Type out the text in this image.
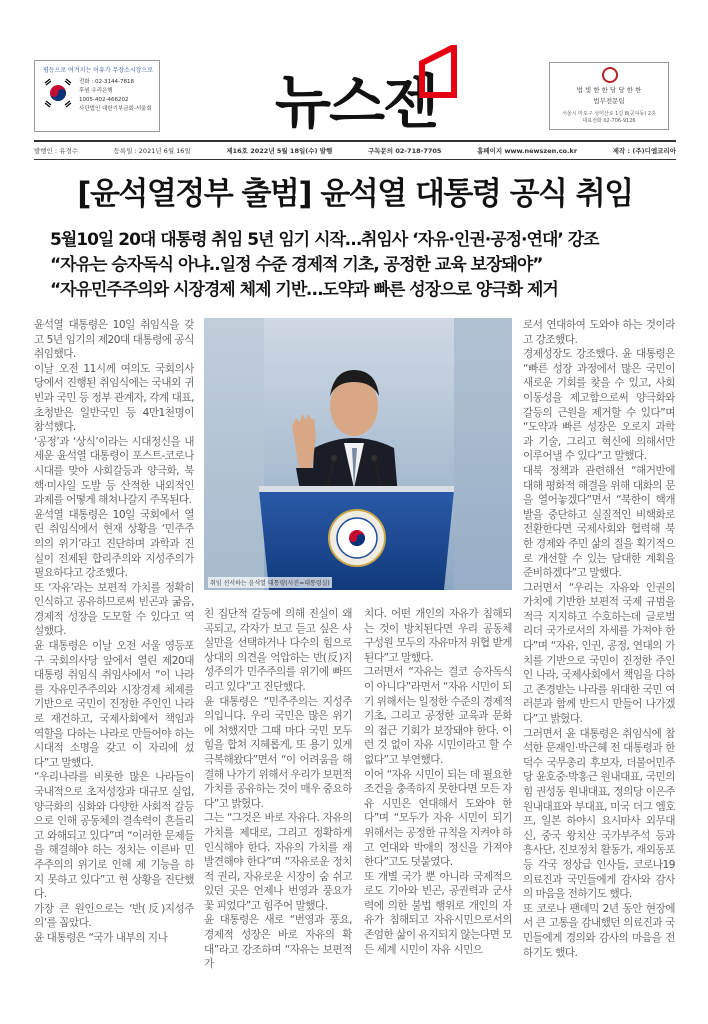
평등으로 여겨지는 이유가 무장소시장으로
전화 : 02-3144-7818
후원 우리은행
1005-402-466202
사단법인 대한기부금회-서울회 뉴스젠	법 빛 한 한 당 당 한 한
법무전문팀
서울시 마포구 성미산로 1길 8(공덕동) 2층
대표전화 02-706-9126
발행인 : 유경수	등록일 : 2021년 6월 16일	제16호 2022년 5월 18일(수) 발행	구독문의 02-718-7705	홈페이지 www.newszen.co.kr	제작 : (주)디엠코리아
[윤석열정부 출범] 윤석열 대통령 공식 취임
5월10일 20대 대통령 취임 5년 임기 시작…취임사 ‘자유·인권·공정·연대’ 강조
“자유는 승자독식 아냐..일정 수준 경제적 기초, 공정한 교육 보장돼야”
“자유민주주의와 시장경제 체제 기반…도약과 빠른 성장으로 양극화 제거

윤석열 대통령은 10일 취임식을 갖고 5년 임기의 제20대 대통령에 공식 취임했다.

이날 오전 11시께 여의도 국회의사당에서 진행된 취임식에는 국내외 귀빈과 국민 등 정부 관계자, 각계 대표, 초청받은 일반국민 등 4만1천명이 참석했다.

‘공정’과 ‘상식’이라는 시대정신을 내세운 윤석열 대통령이 포스트-코로나 시대를 맞아 사회갈등과 양극화, 북핵·미사일 도발 등 산적한 내외적인 과제를 어떻게 해쳐나갈지 주목된다.

윤석열 대통령은 10일 국회에서 열린 취임식에서 현재 상황을 ‘민주주의의 위기’라고 진단하며 과학과 진실이 전제된 합리주의와 지성주의가 필요하다고 강조했다.

또 ‘자유’라는 보편적 가치를 정확히 인식하고 공유하므로써 빈곤과 굶음, 경제적 성장을 도모할 수 있다고 역설했다.

윤 대통령은 이날 오전 서울 영등포구 국회의사당 앞에서 열린 제20대 대통령 취임식 취임사에서 “이 나라를 자유민주주의와 시장경제 체제를 기반으로 국민이 진정한 주인인 나라로 재건하고, 국제사회에서 책임과 역할을 다하는 나라로 만들어야 하는 시대적 소명을 갖고 이 자리에 섰다”고 말했다.

“우리나라를 비롯한 많은 나라들이 국내적으로 초저성장과 대규모 실업, 양극화의 심화와 다양한 사회적 갈등으로 인해 공동체의 결속력이 흔들리고 와해되고 있다”며 “이러한 문제들을 해결해야 하는 정치는 이른바 민주주의의 위기로 인해 제 기능을 하지 못하고 있다”고 현 상황을 진단했다.

가장 큰 원인으로는 ‘반(反)지성주의’를 꼽았다.

윤 대통령은 “국가 내부의 지나

취임 선서하는 윤석열 대통령(사진=대통령실)

친 집단적 갈등에 의해 진실이 왜곡되고, 각자가 보고 듣고 싶은 사실만을 선택하거나 다수의 힘으로 상대의 의견을 억압하는 반(反)지성주의가 민주주의를 위기에 빠뜨리고 있다”고 진단했다.

윤 대통령은 “민주주의는 지성주의입니다. 우리 국민은 많은 위기에 처했지만 그때 마다 국민 모두 힘을 합쳐 지혜롭게, 또 용기 있게 극복해왔다”면서 “이 어려움을 해결해 나가기 위해서 우리가 보편적 가치를 공유하는 것이 매우 중요하다”고 밝혔다.

그는 “그것은 바로 자유다. 자유의 가치를 제대로, 그리고 정확하게 인식해야 한다. 자유의 가치를 재발견해야 한다”며 “자유로운 정치적 권리, 자유로운 시장이 숨 쉬고 있던 곳은 언제나 번영과 풍요가 꽃 피었다”고 힘주어 말했다.

윤 대통령은 새로 “번영과 풍요, 경제적 성장은 바로 자유의 확대”라고 강조하며 “자유는 보편적 가

치다. 어떤 개인의 자유가 침해되는 것이 방치된다면 우리 공동체 구성원 모두의 자유마저 위협 받게 된다”고 말했다.

그러면서 “자유는 결코 승자독식이 아니다”라면서 “자유 시민이 되기 위해서는 일정한 수준의 경제적 기초, 그리고 공정한 교육과 문화의 접근 기회가 보장돼야 한다. 이런 것 없이 자유 시민이라고 할 수 없다”고 부연했다.

이어 “자유 시민이 되는 데 필요한 조건을 충족하지 못한다면 모든 자유 시민은 연대해서 도와야 한다”며 “모두가 자유 시민이 되기 위해서는 공정한 규칙을 지켜야 하고 연대와 박애의 정신을 가져야 한다”고도 덧붙였다.

또 개별 국가 뿐 아니라 국제적으로도 기아와 빈곤, 공권력과 군사력에 의한 불법 행위로 개인의 자유가 침해되고 자유시민으로서의 존엄한 삶이 유지되지 않는다면 모든 세계 시민이 자유 시민으

로서 연대하여 도와야 하는 것이라고 강조했다.

경제성장도 강조했다. 윤 대통령은 “빠른 성장 과정에서 많은 국민이 새로운 기회를 찾을 수 있고, 사회 이동성을 제고함으로써 양극화와 갈등의 근원을 제거할 수 있다”며 “도약과 빠른 성장은 오로지 과학과 기술, 그리고 혁신에 의해서만 이루어낼 수 있다”고 말했다.

대북 정책과 관련해선 “해거반에 대해 평화적 해결을 위해 대화의 문을 열어놓겠다”면서 “북한이 핵개발을 중단하고 실질적인 비핵화로 전환한다면 국제사회와 협력해 북한 경제와 주민 삶의 질을 획기적으로 개선할 수 있는 담대한 계획을 준비하겠다”고 말했다.

그러면서 “우리는 자유와 인권의 가치에 기반한 보편적 국제 규범을 적극 지지하고 수호하는데 글로벌 리더 국가로서의 자세를 가져야 한다”며 “자유, 인권, 공정, 연대의 가치를 기반으로 국민이 진정한 주인인 나라, 국제사회에서 책임을 다하고 존경받는 나라를 위대한 국민 여러분과 함께 반드시 만들어 나가겠다”고 밝혔다.

그러면서 윤 대통령은 취임식에 참석한 문재인·박근혜 전 대통령과 한덕수 국무총리 후보자, 더불어민주당 윤호중·박홍근 원내대표, 국민의힘 권성동 원내대표, 정의당 이은주 원내대표와 부대표, 미국 더그 엠호프, 일본 하야시 요시마사 외무대신, 중국 왕치산 국가부주석 등과 흥사단, 진보정치 활동가, 재외동포 등 각국 정상급 인사들, 코로나19 의료진과 국민들에게 감사와 감사의 마음을 전하기도 했다.

또 코로나 팬데믹 2년 동안 현장에서 큰 고통을 감내했던 의료진과 국민들에게 경의와 감사의 마음을 전하기도 했다.
